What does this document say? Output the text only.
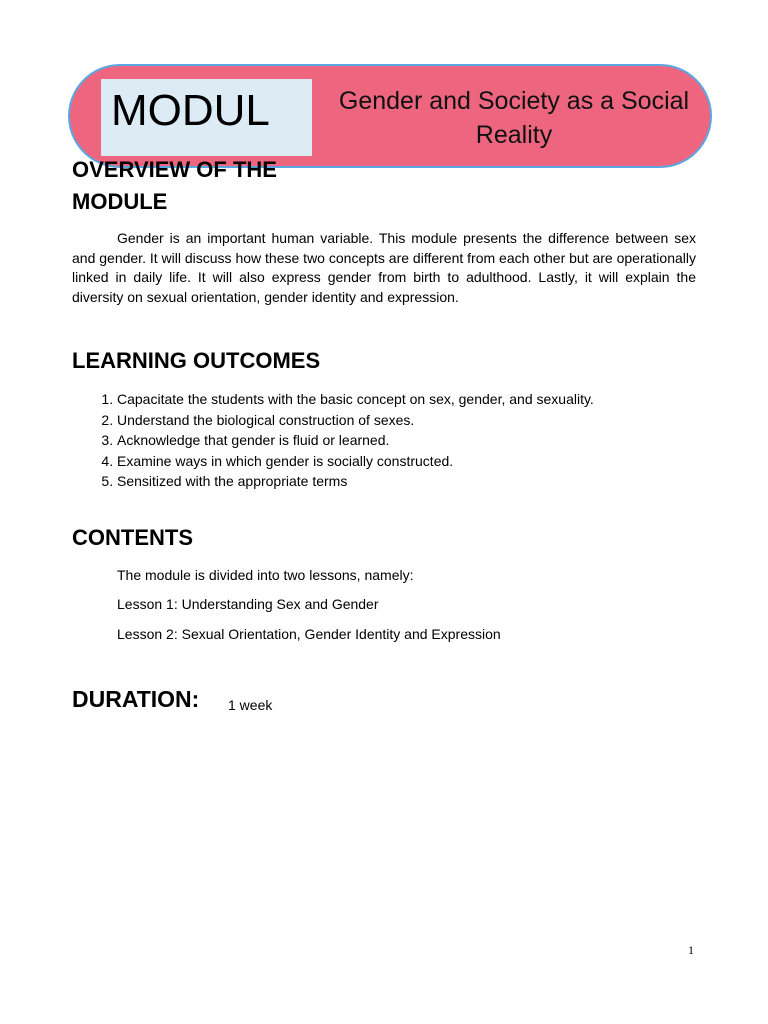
MODUL	Gender and Society as a Social Reality
OVERVIEW OF THE MODULE

Gender is an important human variable. This module presents the difference between sex and gender. It will discuss how these two concepts are different from each other but are operationally linked in daily life. It will also express gender from birth to adulthood. Lastly, it will explain the diversity on sexual orientation, gender identity and expression.

LEARNING OUTCOMES
1. Capacitate the students with the basic concept on sex, gender, and sexuality.
2. Understand the biological construction of sexes.
3. Acknowledge that gender is fluid or learned.
4. Examine ways in which gender is socially constructed.
5. Sensitized with the appropriate terms
CONTENTS

The module is divided into two lessons, namely:

Lesson 1: Understanding Sex and Gender

Lesson 2: Sexual Orientation, Gender Identity and Expression

DURATION: 1 week
1
